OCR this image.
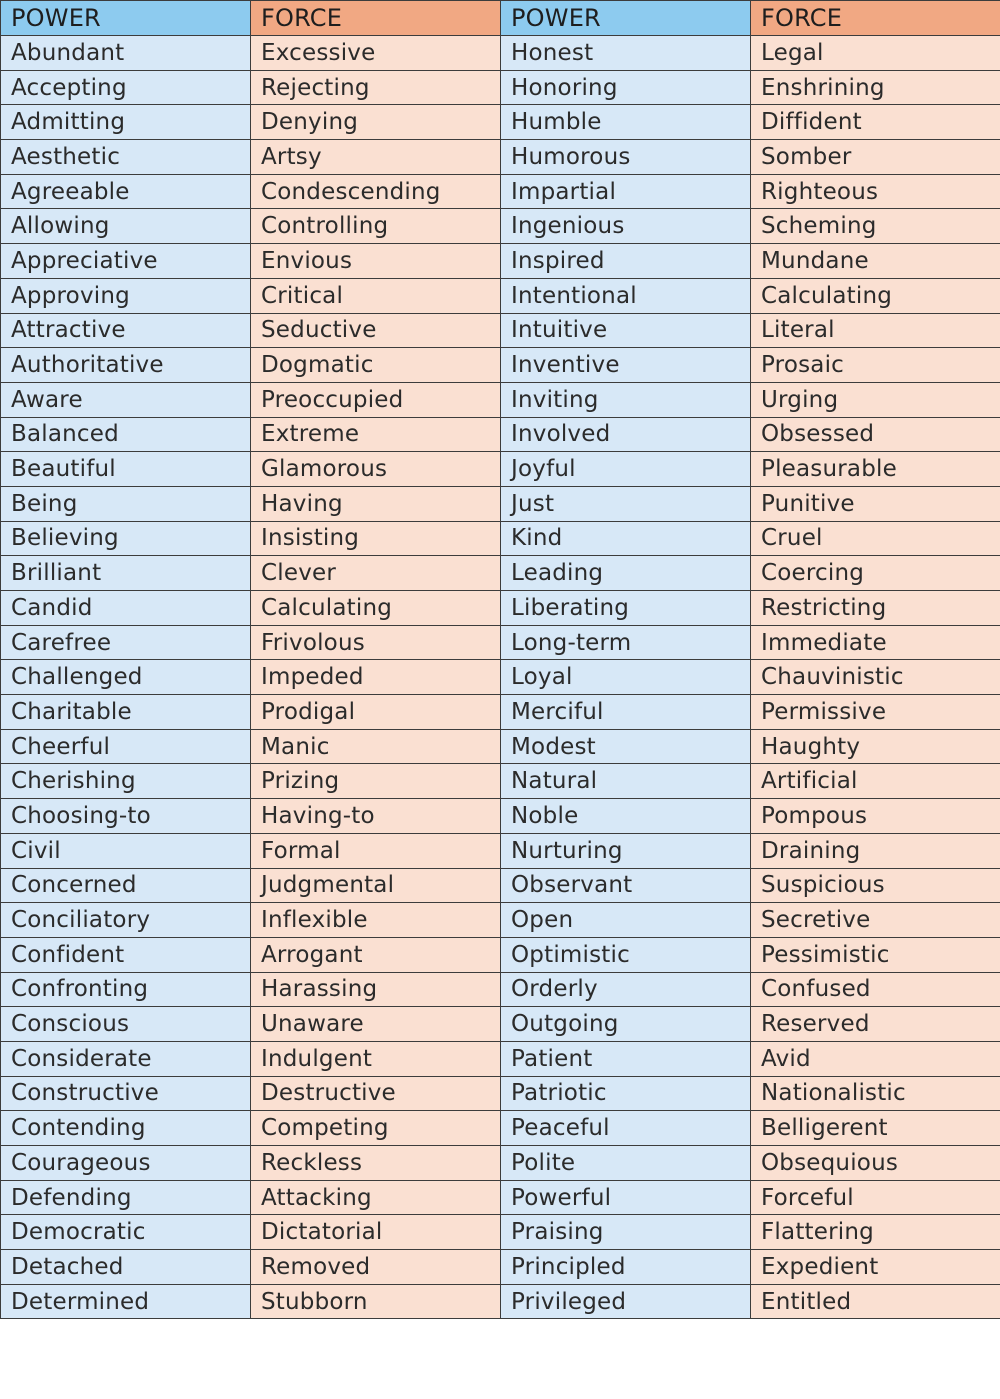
POWER	FORCE	POWER	FORCE
Abundant	Excessive	Honest	Legal
Accepting	Rejecting	Honoring	Enshrining
Admitting	Denying	Humble	Diffident
Aesthetic	Artsy	Humorous	Somber
Agreeable	Condescending	Impartial	Righteous
Allowing	Controlling	Ingenious	Scheming
Appreciative	Envious	Inspired	Mundane
Approving	Critical	Intentional	Calculating
Attractive	Seductive	Intuitive	Literal
Authoritative	Dogmatic	Inventive	Prosaic
Aware	Preoccupied	Inviting	Urging
Balanced	Extreme	Involved	Obsessed
Beautiful	Glamorous	Joyful	Pleasurable
Being	Having	Just	Punitive
Believing	Insisting	Kind	Cruel
Brilliant	Clever	Leading	Coercing
Candid	Calculating	Liberating	Restricting
Carefree	Frivolous	Long-term	Immediate
Challenged	Impeded	Loyal	Chauvinistic
Charitable	Prodigal	Merciful	Permissive
Cheerful	Manic	Modest	Haughty
Cherishing	Prizing	Natural	Artificial
Choosing-to	Having-to	Noble	Pompous
Civil	Formal	Nurturing	Draining
Concerned	Judgmental	Observant	Suspicious
Conciliatory	Inflexible	Open	Secretive
Confident	Arrogant	Optimistic	Pessimistic
Confronting	Harassing	Orderly	Confused
Conscious	Unaware	Outgoing	Reserved
Considerate	Indulgent	Patient	Avid
Constructive	Destructive	Patriotic	Nationalistic
Contending	Competing	Peaceful	Belligerent
Courageous	Reckless	Polite	Obsequious
Defending	Attacking	Powerful	Forceful
Democratic	Dictatorial	Praising	Flattering
Detached	Removed	Principled	Expedient
Determined	Stubborn	Privileged	Entitled
